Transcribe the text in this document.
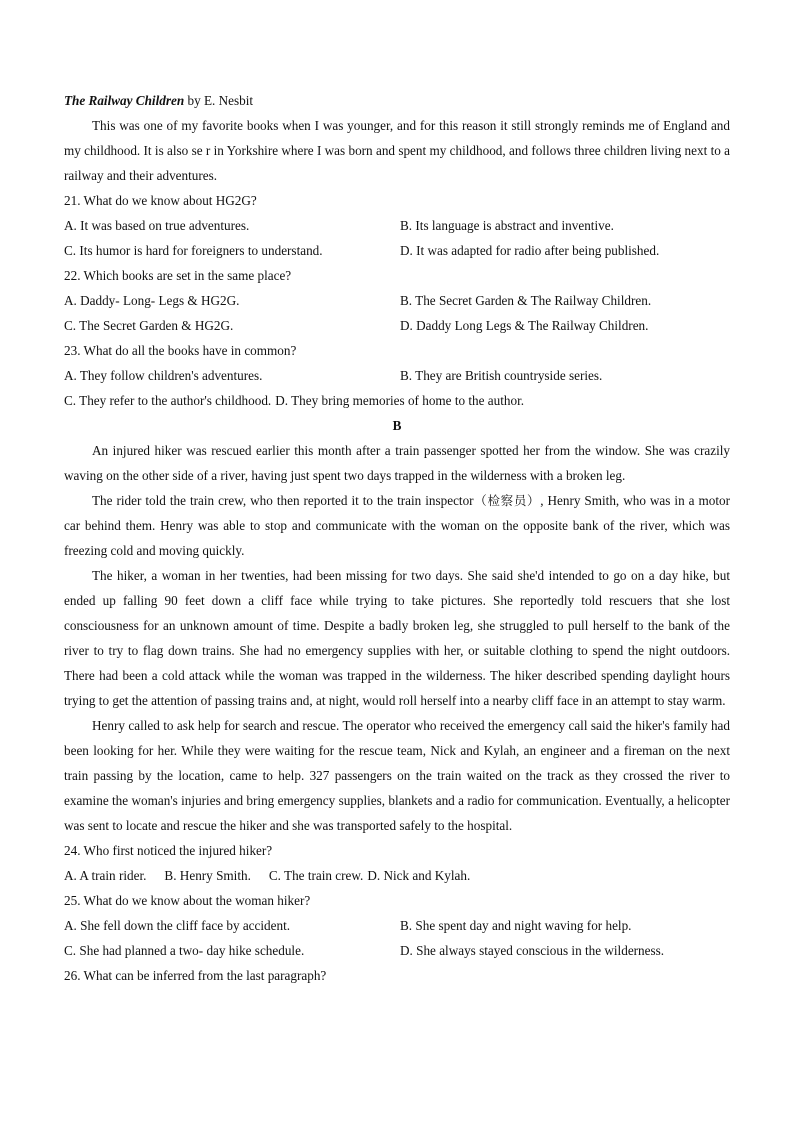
The Railway Children by E. Nesbit

This was one of my favorite books when I was younger, and for this reason it still strongly reminds me of England and my childhood. It is also se r in Yorkshire where I was born and spent my childhood, and follows three children living next to a railway and their adventures.

21. What do we know about HG2G?
A. It was based on true adventures.	B. Its language is abstract and inventive.
C. Its humor is hard for foreigners to understand.	D. It was adapted for radio after being published.
22. Which books are set in the same place?
A. Daddy- Long- Legs & HG2G.	B. The Secret Garden & The Railway Children.
C. The Secret Garden & HG2G.	D. Daddy Long Legs & The Railway Children.
23. What do all the books have in common?
A. They follow children's adventures.	B. They are British countryside series.
C. They refer to the author's childhood. D. They bring memories of home to the author.
B

An injured hiker was rescued earlier this month after a train passenger spotted her from the window. She was crazily waving on the other side of a river, having just spent two days trapped in the wilderness with a broken leg.

The rider told the train crew, who then reported it to the train inspector（检察员）, Henry Smith, who was in a motor car behind them. Henry was able to stop and communicate with the woman on the opposite bank of the river, which was freezing cold and moving quickly.

The hiker, a woman in her twenties, had been missing for two days. She said she'd intended to go on a day hike, but ended up falling 90 feet down a cliff face while trying to take pictures. She reportedly told rescuers that she lost consciousness for an unknown amount of time. Despite a badly broken leg, she struggled to pull herself to the bank of the river to try to flag down trains. She had no emergency supplies with her, or suitable clothing to spend the night outdoors. There had been a cold attack while the woman was trapped in the wilderness. The hiker described spending daylight hours trying to get the attention of passing trains and, at night, would roll herself into a nearby cliff face in an attempt to stay warm.

Henry called to ask help for search and rescue. The operator who received the emergency call said the hiker's family had been looking for her. While they were waiting for the rescue team, Nick and Kylah, an engineer and a fireman on the next train passing by the location, came to help. 327 passengers on the train waited on the track as they crossed the river to examine the woman's injuries and bring emergency supplies, blankets and a radio for communication. Eventually, a helicopter was sent to locate and rescue the hiker and she was transported safely to the hospital.

24. Who first noticed the injured hiker?
A. A train rider. B. Henry Smith. C. The train crew. D. Nick and Kylah.
25. What do we know about the woman hiker?
A. She fell down the cliff face by accident.	B. She spent day and night waving for help.
C. She had planned a two- day hike schedule.	D. She always stayed conscious in the wilderness.
26. What can be inferred from the last paragraph?
